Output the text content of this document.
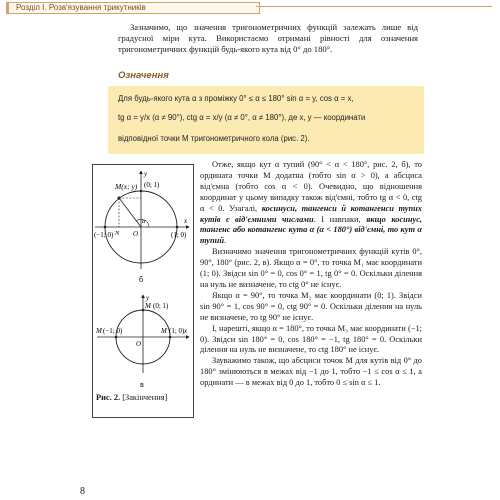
Розділ І. Розв'язування трикутників
Зазначимо, що значення тригонометричних функцій залежать лише від градусної міри кута. Використаємо отримані рівності для означення тригонометричних функцій будь-якого кута від 0° до 180°.
Означення
Для будь-якого кута α з проміжку 0° ≤ α ≤ 180° sin α = y, cos α = x,
tg α = y/x (α ≠ 90°), ctg α = x/y (α ≠ 0°, α ≠ 180°), де x, y — координати
відповідної точки M тригонометричного кола (рис. 2).
M(x; y) (0; 1)
(−1; 0)	(1; 0)
O
x
y
α
N
б
M (0; 1)
M (1; 0)
M (−1; 0)
O
x
y
в
Рис. 2. [Закінчення]

Отже, якщо кут α тупий (90° < α < 180°, рис. 2, б), то ордината точки M додатна (тобто sin α > 0), а абсциса від'ємна (тобто cos α < 0). Очевидно, що відношення координат у цьому випадку також від'ємні, тобто tg α < 0, ctg α < 0. Узагалі, косинуси, тангенси й котангенси тупих кутів є від'ємними числами. І навпаки, якщо косинус, тангенс або котангенс кута α (α < 180°) від'ємні, то кут α тупий.

Визначимо значення тригонометричних функцій кутів 0°, 90°, 180° (рис. 2, в). Якщо α = 0°, то точка M₁ має координати (1; 0). Звідси sin 0° = 0, cos 0° = 1, tg 0° = 0. Оскільки ділення на нуль не визначене, то ctg 0° не існує.

Якщо α = 90°, то точка M₂ має координати (0; 1). Звідси sin 90° = 1, cos 90° = 0, ctg 90° = 0. Оскільки ділення на нуль не визначене, то tg 90° не існує.

І, нарешті, якщо α = 180°, то точка M₃ має координати (−1; 0). Звідси sin 180° = 0, cos 180° = −1, tg 180° = 0. Оскільки ділення на нуль не визначене, то ctg 180° не існує.

Зауважимо також, що абсциси точок M для кутів від 0° до 180° змінюються в межах від −1 до 1, тобто −1 ≤ cos α ≤ 1, а ординати — в межах від 0 до 1, тобто 0 ≤ sin α ≤ 1.

8
